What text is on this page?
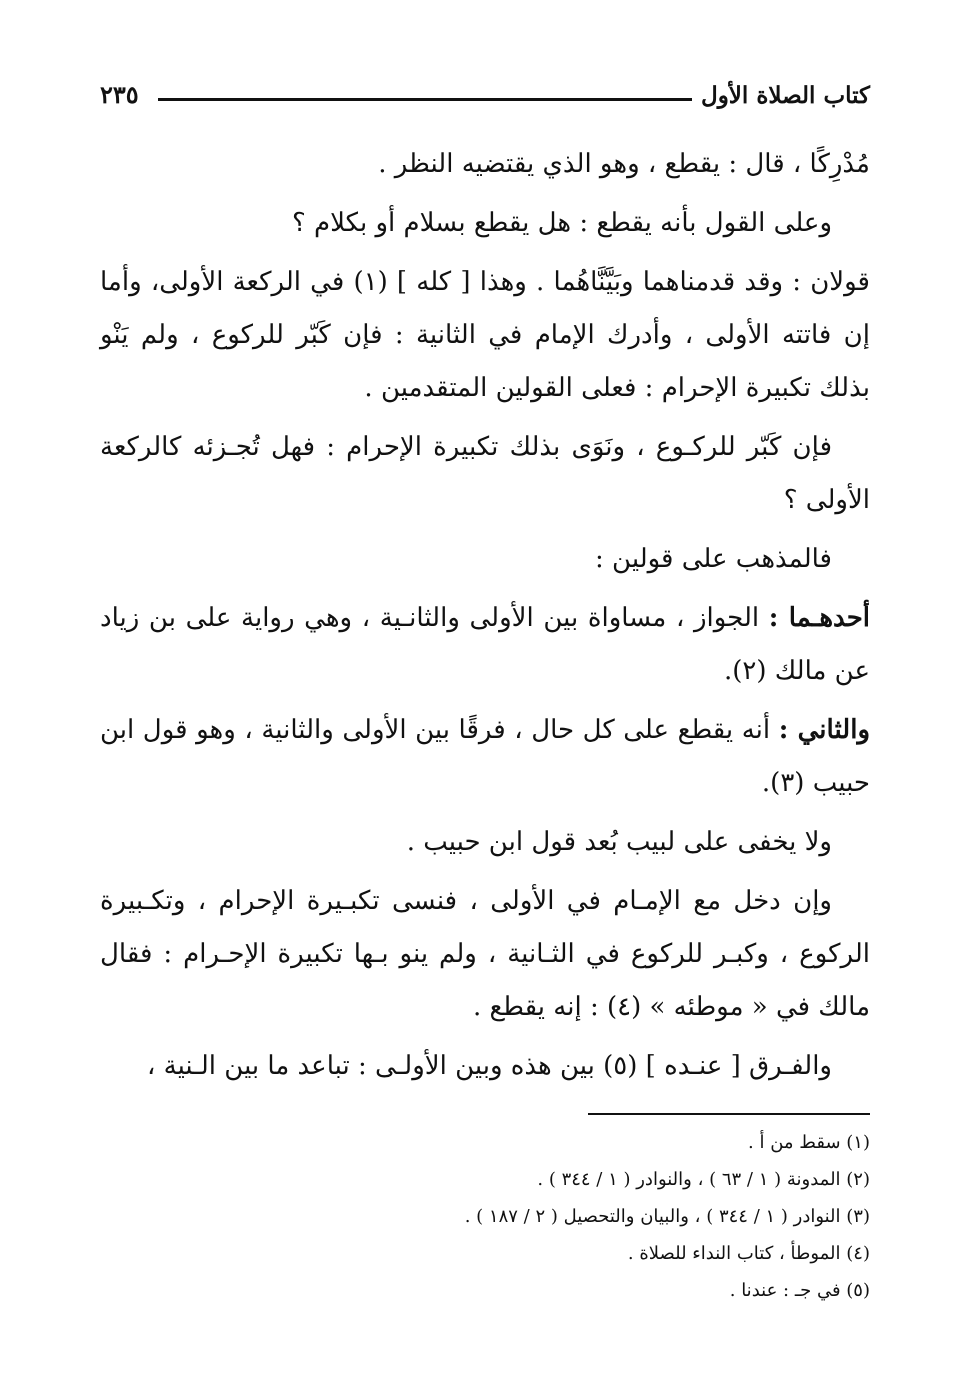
كتاب الصلاة الأول
٢٣٥

مُدْرِكًا ، قال : يقطع ، وهو الذي يقتضيه النظر .

وعلى القول بأنه يقطع : هل يقطع بسلام أو بكلام ؟

قولان : وقد قدمناهما وبَيَّنَّاهُما . وهذا [ كله ] (١) في الركعة الأولى، وأما إن فاتته الأولى ، وأدرك الإمام في الثانية : فإن كَبّر للركوع ، ولم يَنْو بذلك تكبيرة الإحرام : فعلى القولين المتقدمين .

فإن كَبّر للركـوع ، ونَوَى بذلك تكبيرة الإحرام : فهل تُجـزئه كالركعة الأولى ؟

فالمذهب على قولين :

أحدهـما : الجواز ، مساواة بين الأولى والثانـية ، وهي رواية على بن زياد عن مالك (٢).

والثاني : أنه يقطع على كل حال ، فرقًا بين الأولى والثانية ، وهو قول ابن حبيب (٣).

ولا يخفى على لبيب بُعد قول ابن حبيب .

وإن دخل مع الإمـام في الأولى ، فنسى تكبـيرة الإحرام ، وتكـبيرة الركوع ، وكبـر للركوع في الثـانية ، ولم ينو بـها تكبيرة الإحـرام : فقال مالك في « موطئه » (٤) : إنه يقطع .

والفـرق [ عنـده ] (٥) بين هذه وبين الأولـى : تباعد ما بين الـنية ،

(١) سقط من أ .

(٢) المدونة ( ١ / ٦٣ ) ، والنوادر ( ١ / ٣٤٤ ) .

(٣) النوادر ( ١ / ٣٤٤ ) ، والبيان والتحصيل ( ٢ / ١٨٧ ) .

(٤) الموطأ ، كتاب النداء للصلاة .

(٥) في جـ : عندنا .
